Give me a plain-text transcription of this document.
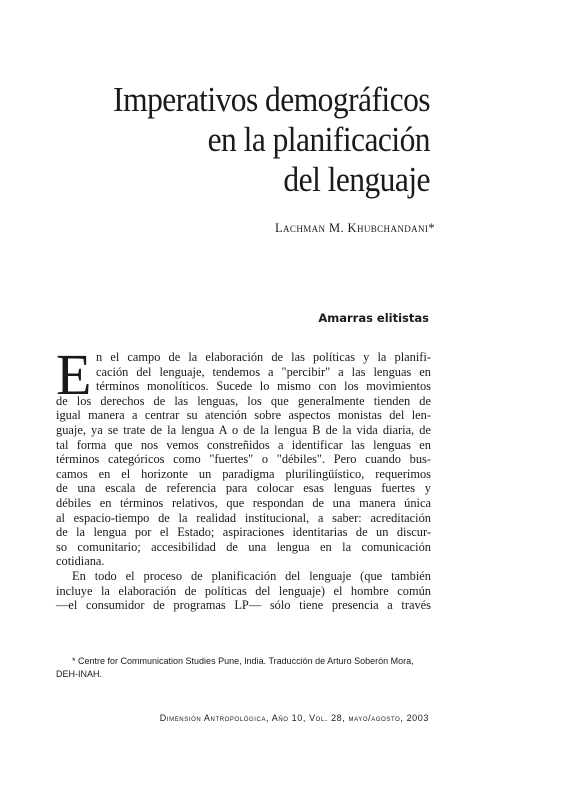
Imperativos demográficos
en la planificación
del lenguaje
Lachman M. Khubchandani*
Amarras elitistas
E n el campo de la elaboración de las políticas y la planifi-
cación del lenguaje, tendemos a "percibir" a las lenguas en
términos monolíticos. Sucede lo mismo con los movimientos
de los derechos de las lenguas, los que generalmente tienden de
igual manera a centrar su atención sobre aspectos monistas del len-
guaje, ya se trate de la lengua A o de la lengua B de la vida diaria, de
tal forma que nos vemos constreñidos a identificar las lenguas en
términos categóricos como "fuertes" o "débiles". Pero cuando bus-
camos en el horizonte un paradigma plurilingüístico, requerimos
de una escala de referencia para colocar esas lenguas fuertes y
débiles en términos relativos, que respondan de una manera única
al espacio-tiempo de la realidad institucional, a saber: acreditación
de la lengua por el Estado; aspiraciones identitarias de un discur-
so comunitario; accesibilidad de una lengua en la comunicación
cotidiana.
En todo el proceso de planificación del lenguaje (que también
incluye la elaboración de políticas del lenguaje) el hombre común
—el consumidor de programas LP— sólo tiene presencia a través
* Centre for Communication Studies Pune, India. Traducción de Arturo Soberón Mora,
DEH-INAH.
Dimensión Antropológica, Año 10, Vol. 28, mayo/agosto, 2003
